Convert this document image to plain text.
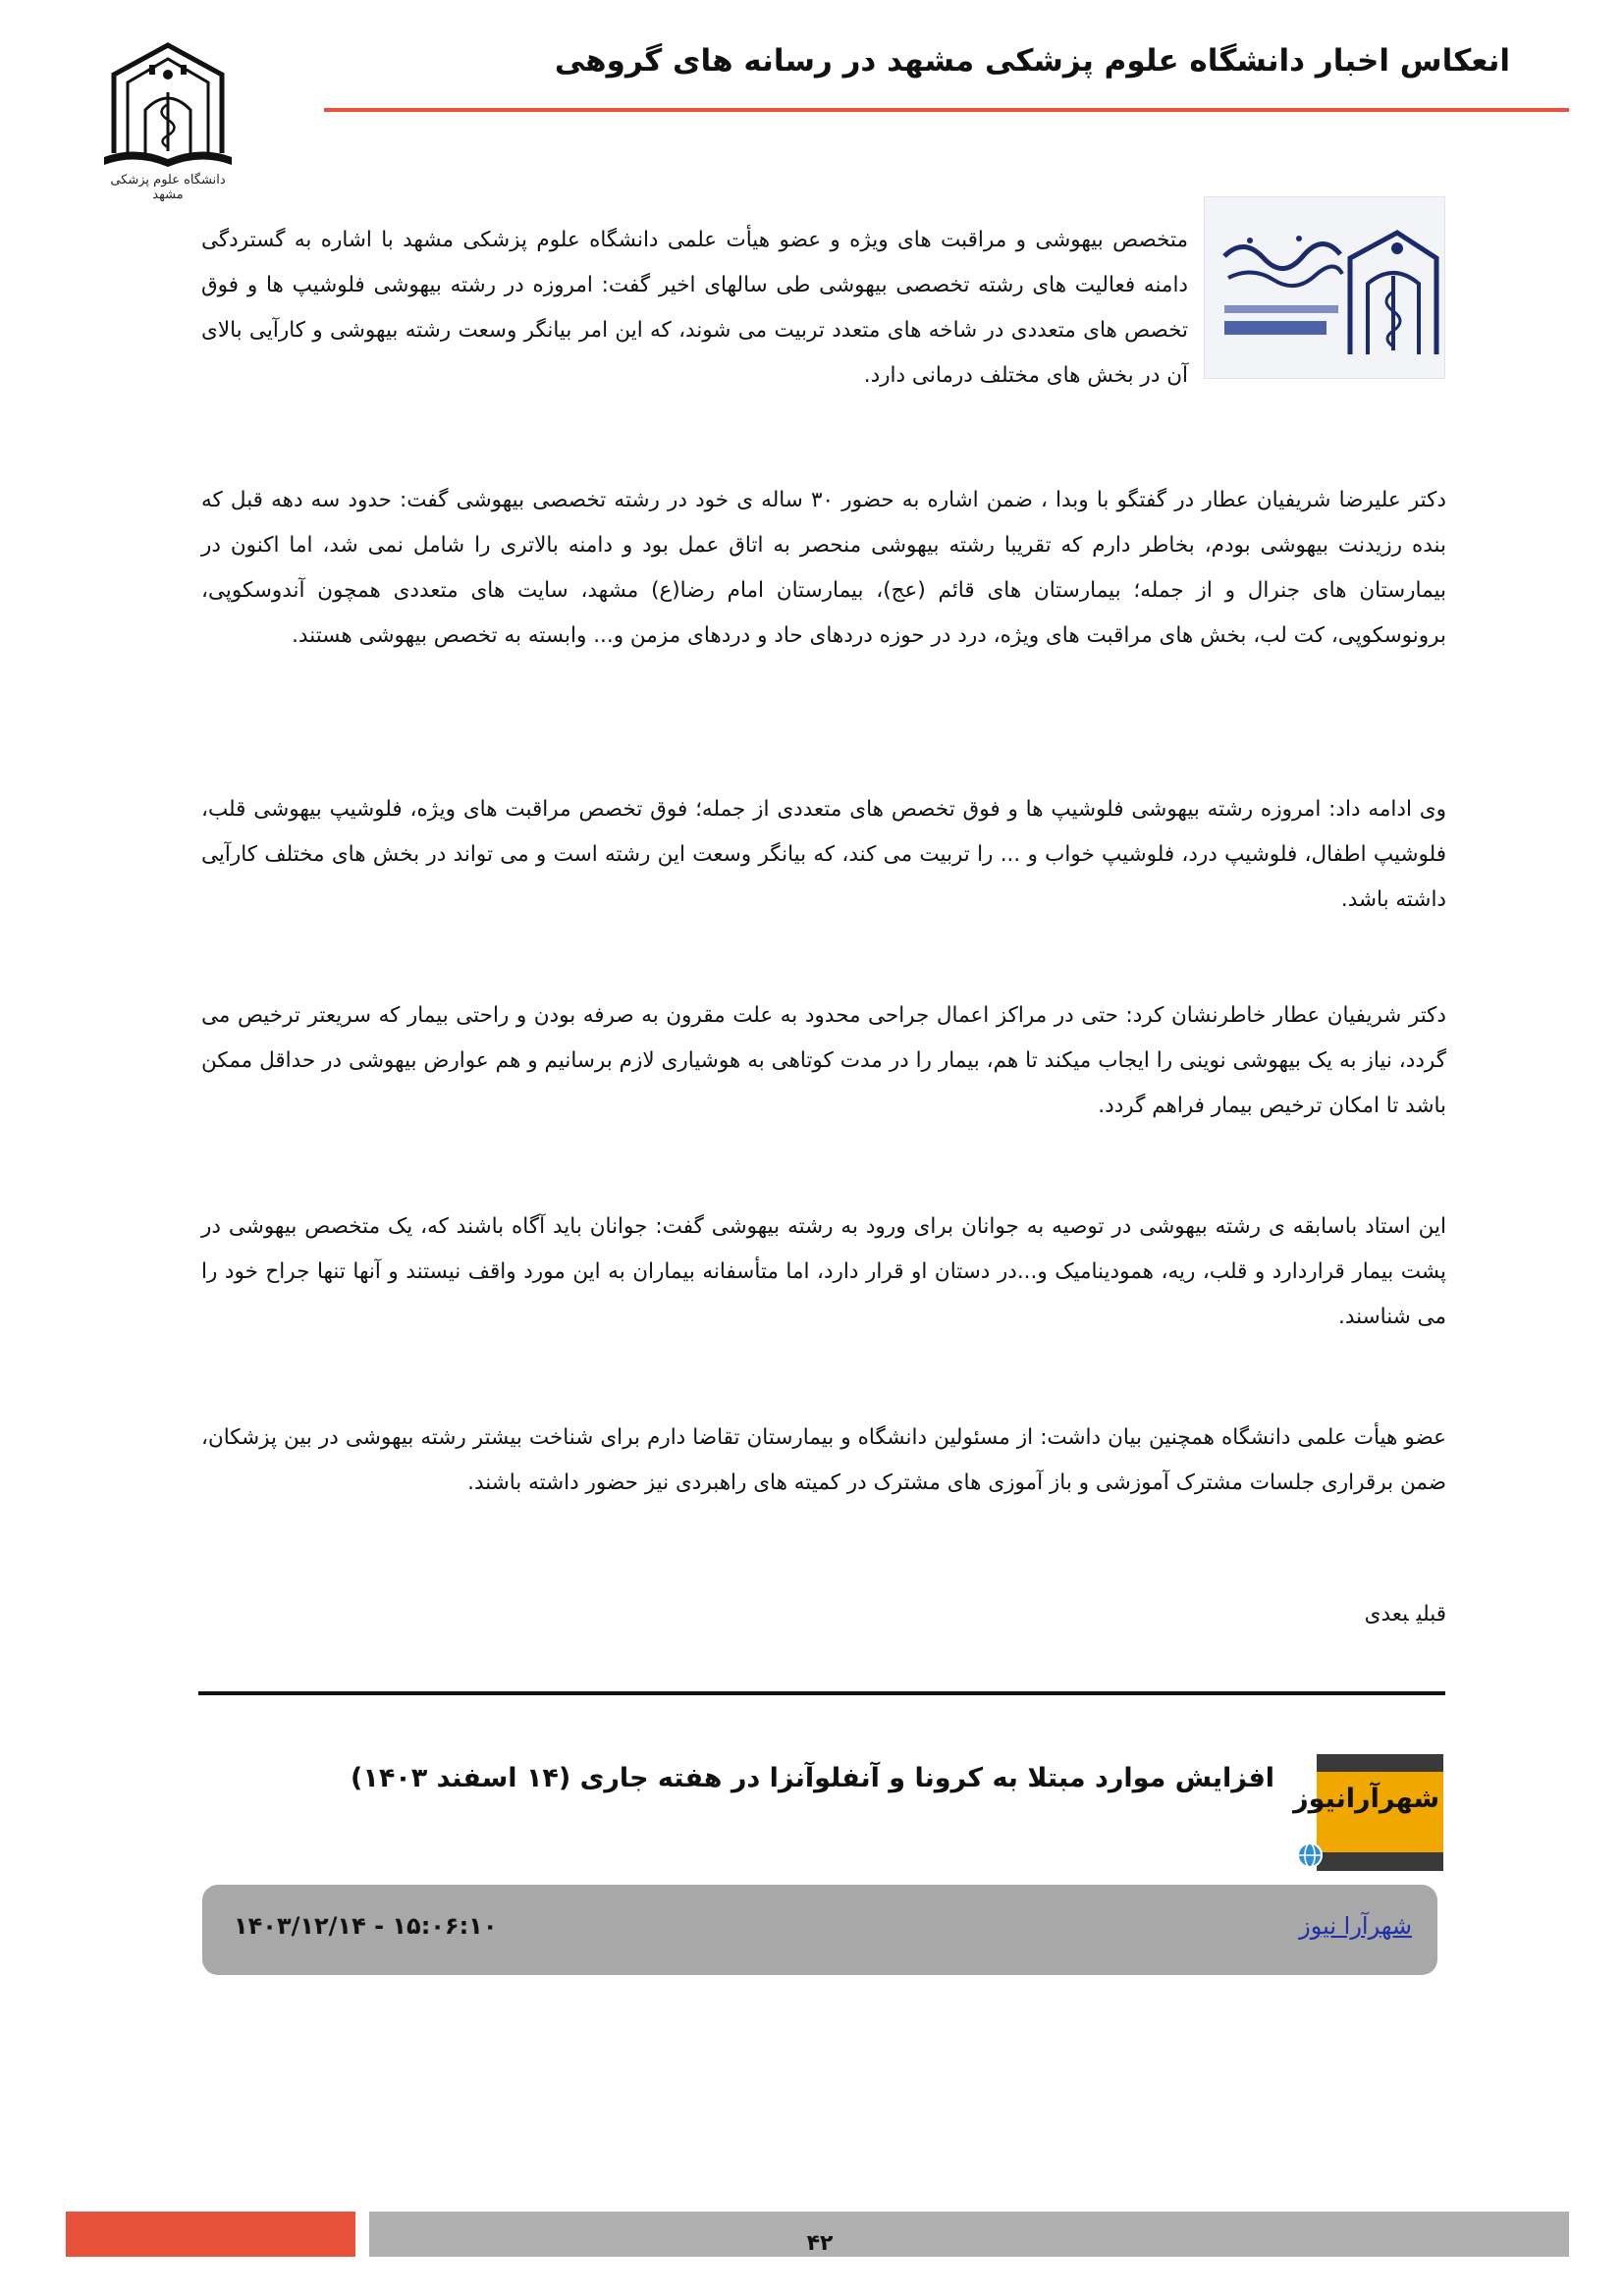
انعکاس اخبار دانشگاه علوم پزشکی مشهد در رسانه های گروهی
دانشگاه علوم پزشکی مشهد

متخصص بیهوشی و مراقبت های ویژه و عضو هیأت علمی دانشگاه علوم پزشکی مشهد با اشاره به گستردگی دامنه فعالیت های رشته تخصصی بیهوشی طی سالهای اخیر گفت: امروزه در رشته بیهوشی فلوشیپ ها و فوق تخصص های متعددی در شاخه های متعدد تربیت می شوند، که این امر بیانگر وسعت رشته بیهوشی و کارآیی بالای آن در بخش های مختلف درمانی دارد.

دکتر علیرضا شریفیان عطار در گفتگو با وبدا ، ضمن اشاره به حضور ۳۰ ساله ی خود در رشته تخصصی بیهوشی گفت: حدود سه دهه قبل که بنده رزیدنت بیهوشی بودم، بخاطر دارم که تقریبا رشته بیهوشی منحصر به اتاق عمل بود و دامنه بالاتری را شامل نمی شد، اما اکنون در بیمارستان های جنرال و از جمله؛ بیمارستان های قائم (عج)، بیمارستان امام رضا(ع) مشهد، سایت های متعددی همچون آندوسکوپی، برونوسکوپی، کت لب، بخش های مراقبت های ویژه، درد در حوزه دردهای حاد و دردهای مزمن و... وابسته به تخصص بیهوشی هستند.

وی ادامه داد: امروزه رشته بیهوشی فلوشیپ ها و فوق تخصص های متعددی از جمله؛ فوق تخصص مراقبت های ویژه، فلوشیپ بیهوشی قلب، فلوشیپ اطفال، فلوشیپ درد، فلوشیپ خواب و ... را تربیت می کند، که بیانگر وسعت این رشته است و می تواند در بخش های مختلف کارآیی داشته باشد.

دکتر شریفیان عطار خاطرنشان کرد: حتی در مراکز اعمال جراحی محدود به علت مقرون به صرفه بودن و راحتی بیمار که سریعتر ترخیص می گردد، نیاز به یک بیهوشی نوینی را ایجاب میکند تا هم، بیمار را در مدت کوتاهی به هوشیاری لازم برسانیم و هم عوارض بیهوشی در حداقل ممکن باشد تا امکان ترخیص بیمار فراهم گردد.

این استاد باسابقه ی رشته بیهوشی در توصیه به جوانان برای ورود به رشته بیهوشی گفت: جوانان باید آگاه باشند که، یک متخصص بیهوشی در پشت بیمار قراردارد و قلب، ریه، همودینامیک و...در دستان او قرار دارد، اما متأسفانه بیماران به این مورد واقف نیستند و آنها تنها جراح خود را می شناسند.

عضو هیأت علمی دانشگاه همچنین بیان داشت: از مسئولین دانشگاه و بیمارستان تقاضا دارم برای شناخت بیشتر رشته بیهوشی در بین پزشکان، ضمن برقراری جلسات مشترک آموزشی و باز آموزی های مشترک در کمیته های راهبردی نیز حضور داشته باشند.

قبلیبعدی
شهرآرانیوز
افزایش موارد مبتلا به کرونا و آنفلوآنزا در هفته جاری (۱۴ اسفند ۱۴۰۳)
شهرآرا نیوز
۱۴۰۳/۱۲/۱۴ - ۱۵:۰۶:۱۰
۴۲
